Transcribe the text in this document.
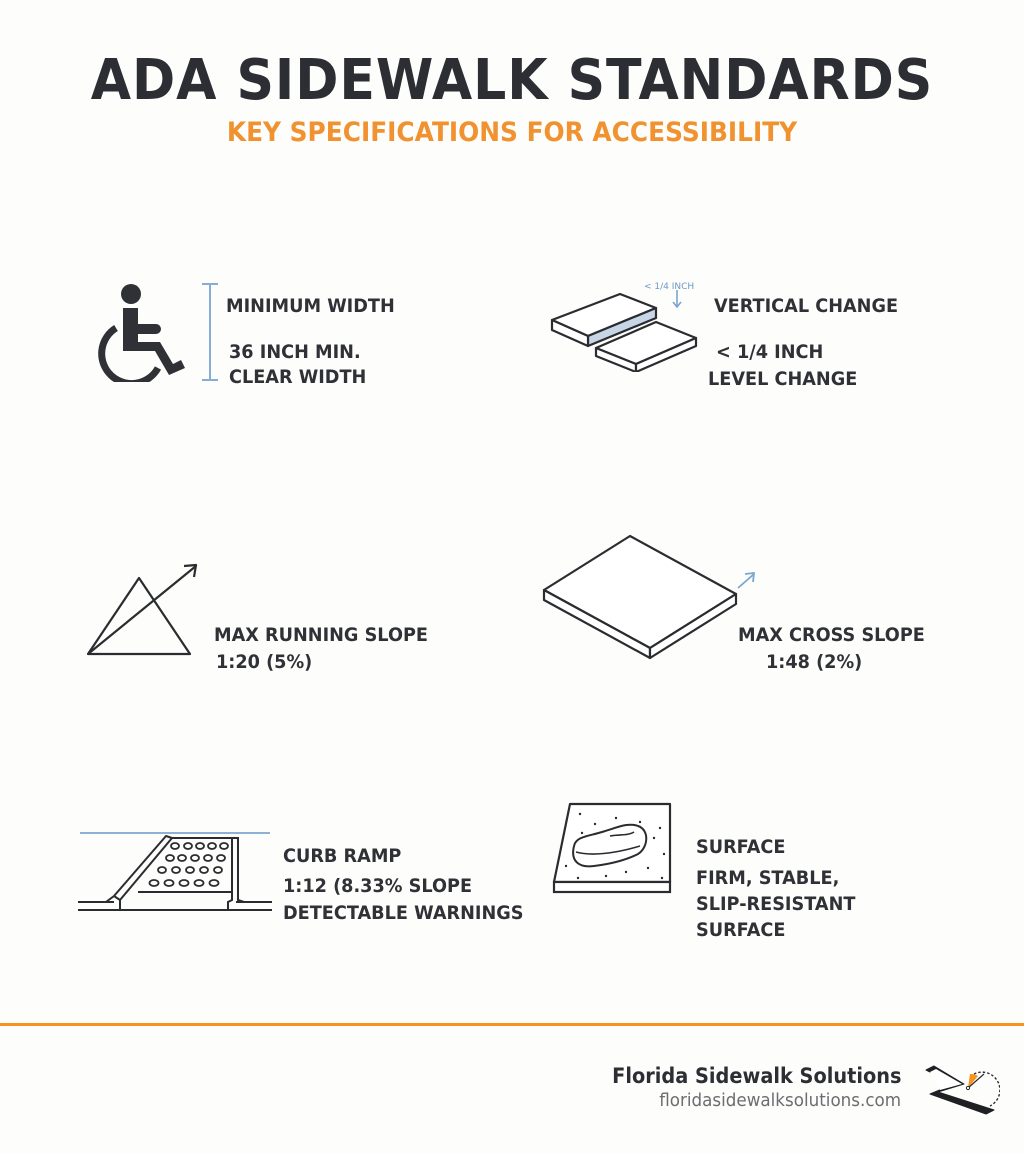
ADA SIDEWALK STANDARDS
KEY SPECIFICATIONS FOR ACCESSIBILITY
MINIMUM WIDTH
36 INCH MIN.
CLEAR WIDTH
< 1/4 INCH
VERTICAL CHANGE
< 1/4 INCH
LEVEL CHANGE
MAX RUNNING SLOPE
1:20 (5%)
MAX CROSS SLOPE
1:48 (2%)
CURB RAMP
1:12 (8.33% SLOPE
DETECTABLE WARNINGS
SURFACE
FIRM, STABLE,
SLIP-RESISTANT
SURFACE
Florida Sidewalk Solutions
floridasidewalksolutions.com
